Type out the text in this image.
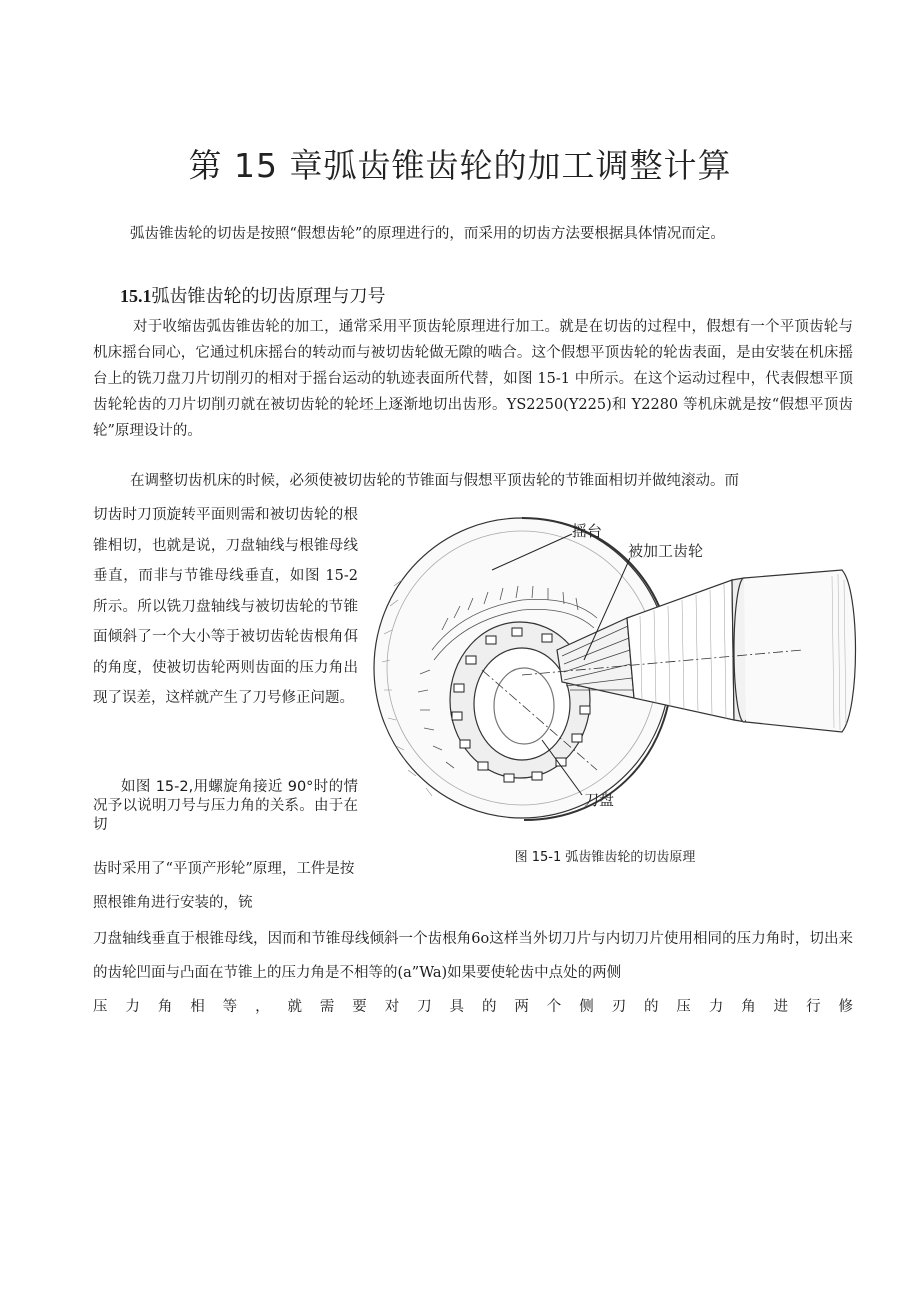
第 15 章弧齿锥齿轮的加工调整计算

弧齿锥齿轮的切齿是按照“假想齿轮”的原理进行的，而采用的切齿方法要根据具体情况而定。

15.1弧齿锥齿轮的切齿原理与刀号

对于收缩齿弧齿锥齿轮的加工，通常采用平顶齿轮原理进行加工。就是在切齿的过程中，假想有一个平顶齿轮与机床摇台同心，它通过机床摇台的转动而与被切齿轮做无隙的啮合。这个假想平顶齿轮的轮齿表面，是由安装在机床摇台上的铣刀盘刀片切削刃的相对于摇台运动的轨迹表面所代替，如图 15-1 中所示。在这个运动过程中，代表假想平顶齿轮轮齿的刀片切削刃就在被切齿轮的轮坯上逐渐地切出齿形。YS2250(Y225)和 Y2280 等机床就是按“假想平顶齿轮”原理设计的。

在调整切齿机床的时候，必须使被切齿轮的节锥面与假想平顶齿轮的节锥面相切并做纯滚动。而

切齿时刀顶旋转平面则需和被切齿轮的根锥相切，也就是说，刀盘轴线与根锥母线垂直，而非与节锥母线垂直，如图 15-2 所示。所以铣刀盘轴线与被切齿轮的节锥面倾斜了一个大小等于被切齿轮齿根角佴的角度，使被切齿轮两则齿面的压力角出现了误差，这样就产生了刀号修正问题。

如图 15-2,用螺旋角接近 90°时的情况予以说明刀号与压力角的关系。由于在切

齿时采用了“平顶产形轮”原理，工件是按照根锥角进行安装的，铳

刀盘轴线垂直于根锥母线，因而和节锥母线倾斜一个齿根角6o这样当外切刀片与内切刀片使用相同的压力角时，切出来的齿轮凹面与凸面在节锥上的压力角是不相等的(a”Wa)如果要使轮齿中点处的两侧
压力角相等，就需要对刀具的两个侧刃的压力角进行修

摇台
被加工齿轮
刀盘

图 15-1 弧齿锥齿轮的切齿原理
